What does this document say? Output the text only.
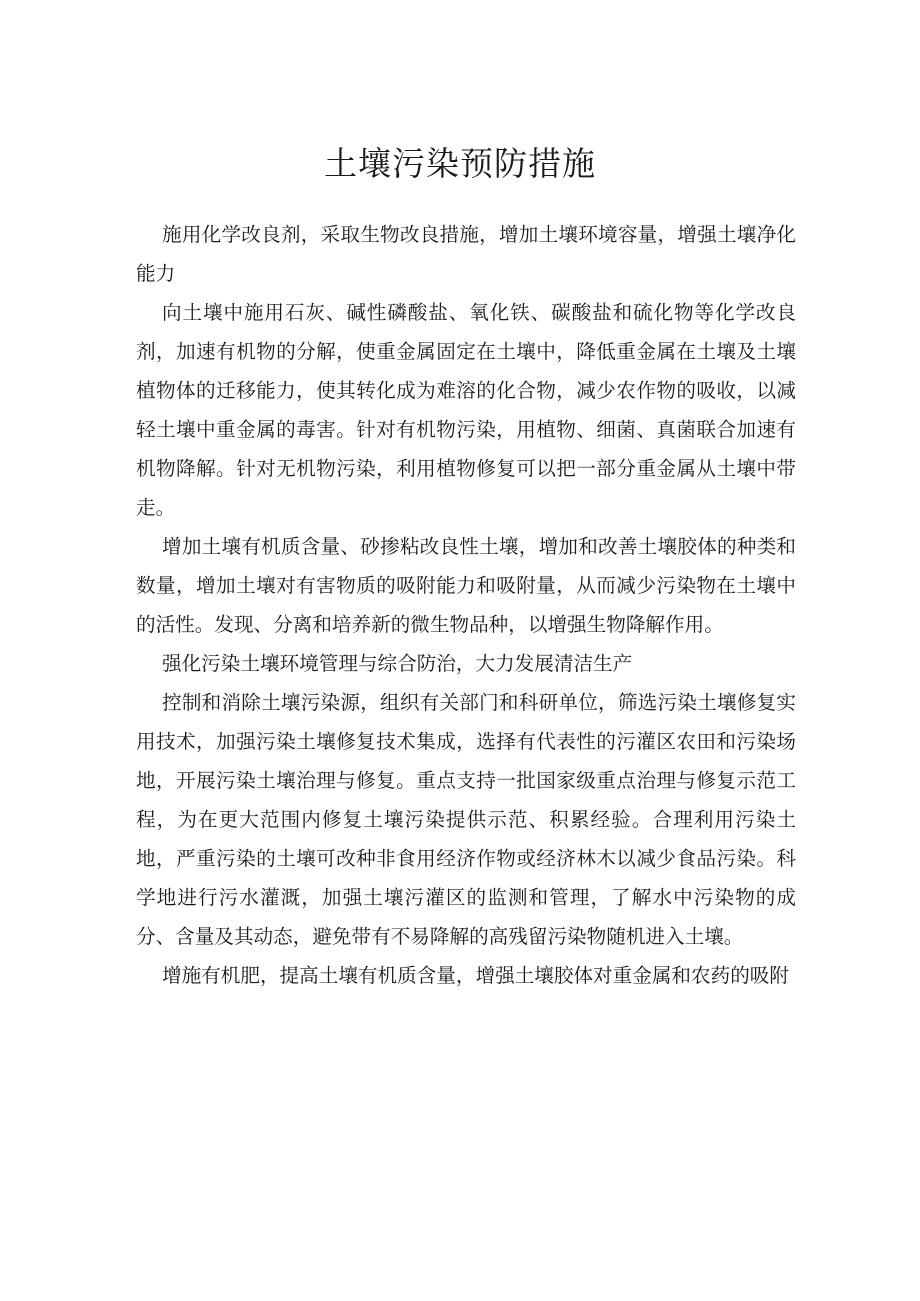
土壤污染预防措施

施用化学改良剂，采取生物改良措施，增加土壤环境容量，增强土壤净化能力

向土壤中施用石灰、碱性磷酸盐、氧化铁、碳酸盐和硫化物等化学改良剂，加速有机物的分解，使重金属固定在土壤中，降低重金属在土壤及土壤植物体的迁移能力，使其转化成为难溶的化合物，减少农作物的吸收，以减轻土壤中重金属的毒害。针对有机物污染，用植物、细菌、真菌联合加速有机物降解。针对无机物污染，利用植物修复可以把一部分重金属从土壤中带走。

增加土壤有机质含量、砂掺粘改良性土壤，增加和改善土壤胶体的种类和数量，增加土壤对有害物质的吸附能力和吸附量，从而减少污染物在土壤中的活性。发现、分离和培养新的微生物品种，以增强生物降解作用。

强化污染土壤环境管理与综合防治，大力发展清洁生产

控制和消除土壤污染源，组织有关部门和科研单位，筛选污染土壤修复实用技术，加强污染土壤修复技术集成，选择有代表性的污灌区农田和污染场地，开展污染土壤治理与修复。重点支持一批国家级重点治理与修复示范工程，为在更大范围内修复土壤污染提供示范、积累经验。合理利用污染土地，严重污染的土壤可改种非食用经济作物或经济林木以减少食品污染。科学地进行污水灌溉，加强土壤污灌区的监测和管理，了解水中污染物的成分、含量及其动态，避免带有不易降解的高残留污染物随机进入土壤。

增施有机肥，提高土壤有机质含量，增强土壤胶体对重金属和农药的吸附
